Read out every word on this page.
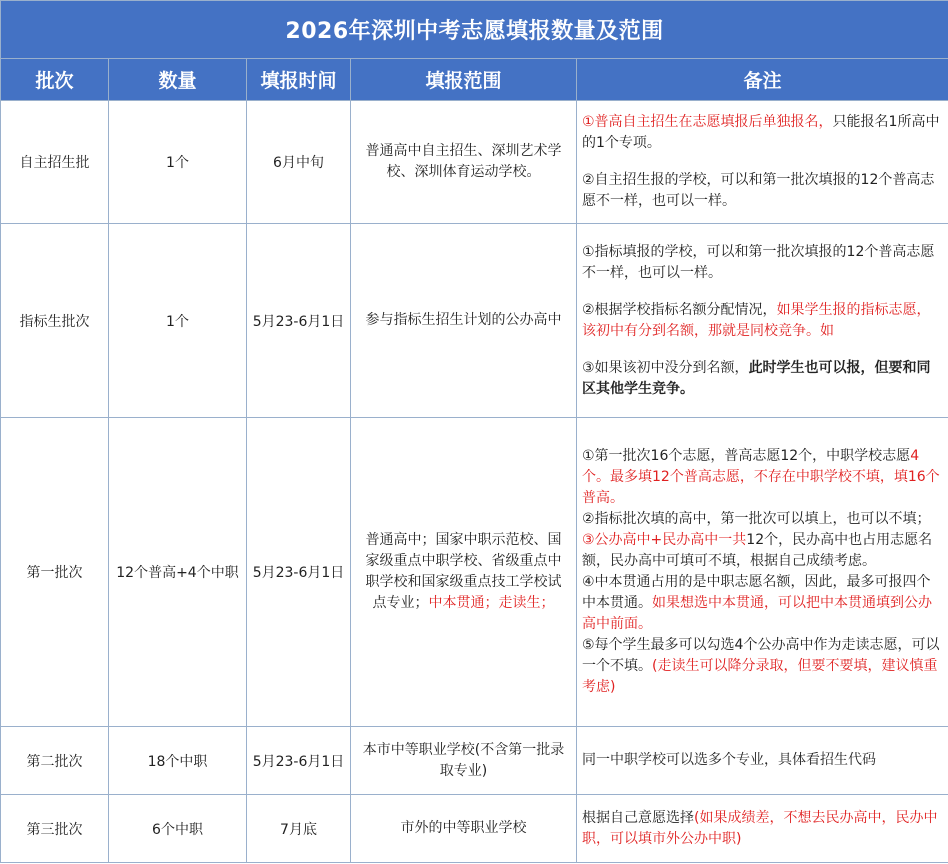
2026年深圳中考志愿填报数量及范围				
批次	数量	填报时间	填报范围	备注
自主招生批	1个	6月中旬	普通高中自主招生、深圳艺术学校、深圳体育运动学校。	①普高自主招生在志愿填报后单独报名，只能报名1所高中的1个专项。

②自主招生报的学校，可以和第一批次填报的12个普高志愿不一样，也可以一样。

指标生批次	1个	5月23-6月1日	参与指标生招生计划的公办高中	①指标填报的学校，可以和第一批次填报的12个普高志愿不一样，也可以一样。

②根据学校指标名额分配情况，如果学生报的指标志愿，该初中有分到名额，那就是同校竞争。如

③如果该初中没分到名额，此时学生也可以报，但要和同区其他学生竞争。

第一批次	12个普高+4个中职	5月23-6月1日	普通高中；国家中职示范校、国家级重点中职学校、省级重点中职学校和国家级重点技工学校试点专业；中本贯通；走读生；	①第一批次16个志愿，普高志愿12个，中职学校志愿4个。最多填12个普高志愿，不存在中职学校不填，填16个普高。

②指标批次填的高中，第一批次可以填上，也可以不填；

③公办高中+民办高中一共12个，民办高中也占用志愿名额，民办高中可填可不填，根据自己成绩考虑。

④中本贯通占用的是中职志愿名额，因此，最多可报四个中本贯通。如果想选中本贯通，可以把中本贯通填到公办高中前面。

⑤每个学生最多可以勾选4个公办高中作为走读志愿，可以一个不填。(走读生可以降分录取，但要不要填，建议慎重考虑)

第二批次	18个中职	5月23-6月1日	本市中等职业学校(不含第一批录取专业)	同一中职学校可以选多个专业，具体看招生代码
第三批次	6个中职	7月底	市外的中等职业学校	根据自己意愿选择(如果成绩差，不想去民办高中，民办中职，可以填市外公办中职)
